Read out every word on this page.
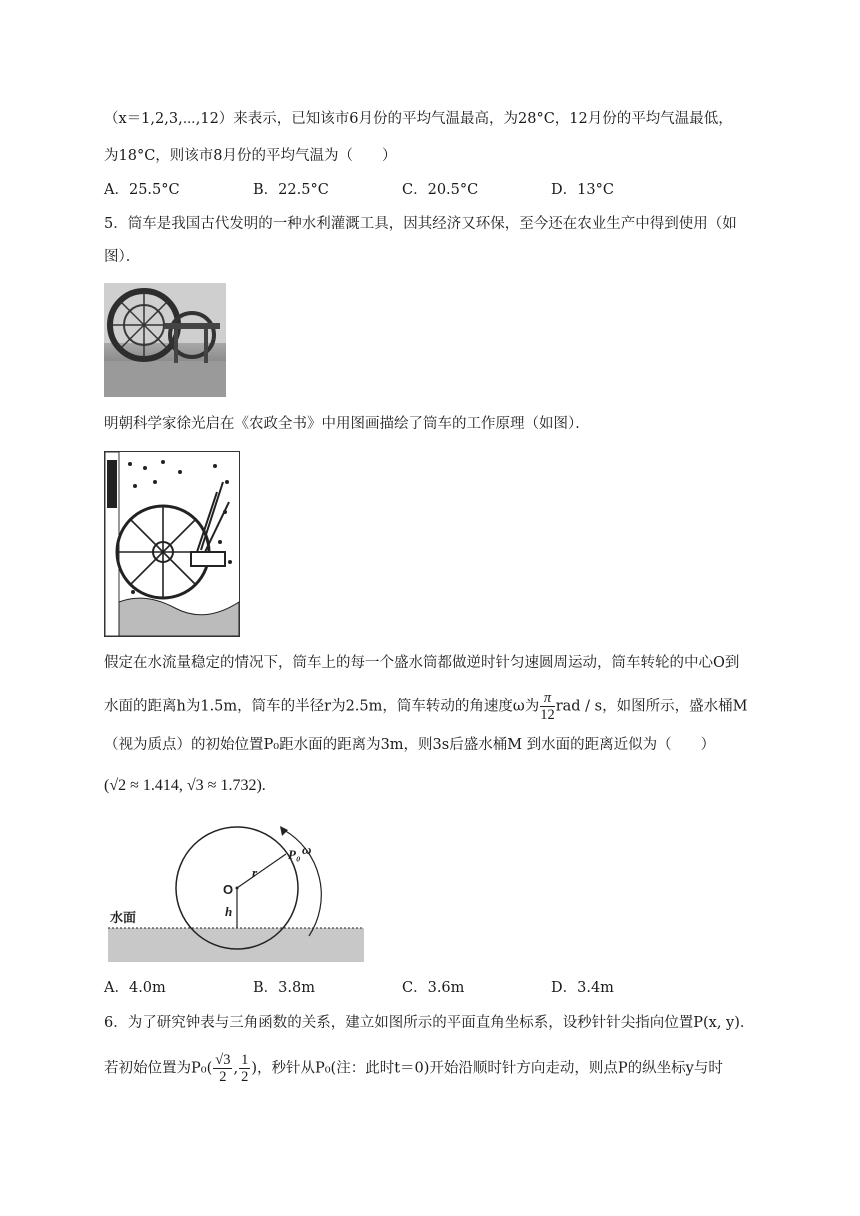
（x＝1,2,3,⋯,12）来表示，已知该市6月份的平均气温最高，为28°C，12月份的平均气温最低，
为18°C，则该市8月份的平均气温为（　　）
A．25.5°C	B．22.5°C	C．20.5°C	D．13°C
5．筒车是我国古代发明的一种水利灌溉工具，因其经济又环保，至今还在农业生产中得到使用（如
图）．
明朝科学家徐光启在《农政全书》中用图画描绘了筒车的工作原理（如图）．
假定在水流量稳定的情况下，筒车上的每一个盛水筒都做逆时针匀速圆周运动，筒车转轮的中心O到
水面的距离h为1.5m，筒车的半径r为2.5m，筒车转动的角速度ω为 $\frac{\pi}{12}$ rad / s，如图所示，盛水桶M
（视为质点）的初始位置P₀距水面的距离为3m，则3s后盛水桶M 到水面的距离近似为（　　）
(√2 ≈ 1.414, √3 ≈ 1.732).
O
r
h
P₀ ω
水面
A．4.0m	B．3.8m	C．3.6m	D．3.4m
6．为了研究钟表与三角函数的关系，建立如图所示的平面直角坐标系，设秒针针尖指向位置P(x, y)．
若初始位置为$P_0( \frac{√3}{2}$ , $\frac{1}{2}$ )，秒针从P₀(注：此时t＝0)开始沿顺时针方向走动，则点P的纵坐标y与时
